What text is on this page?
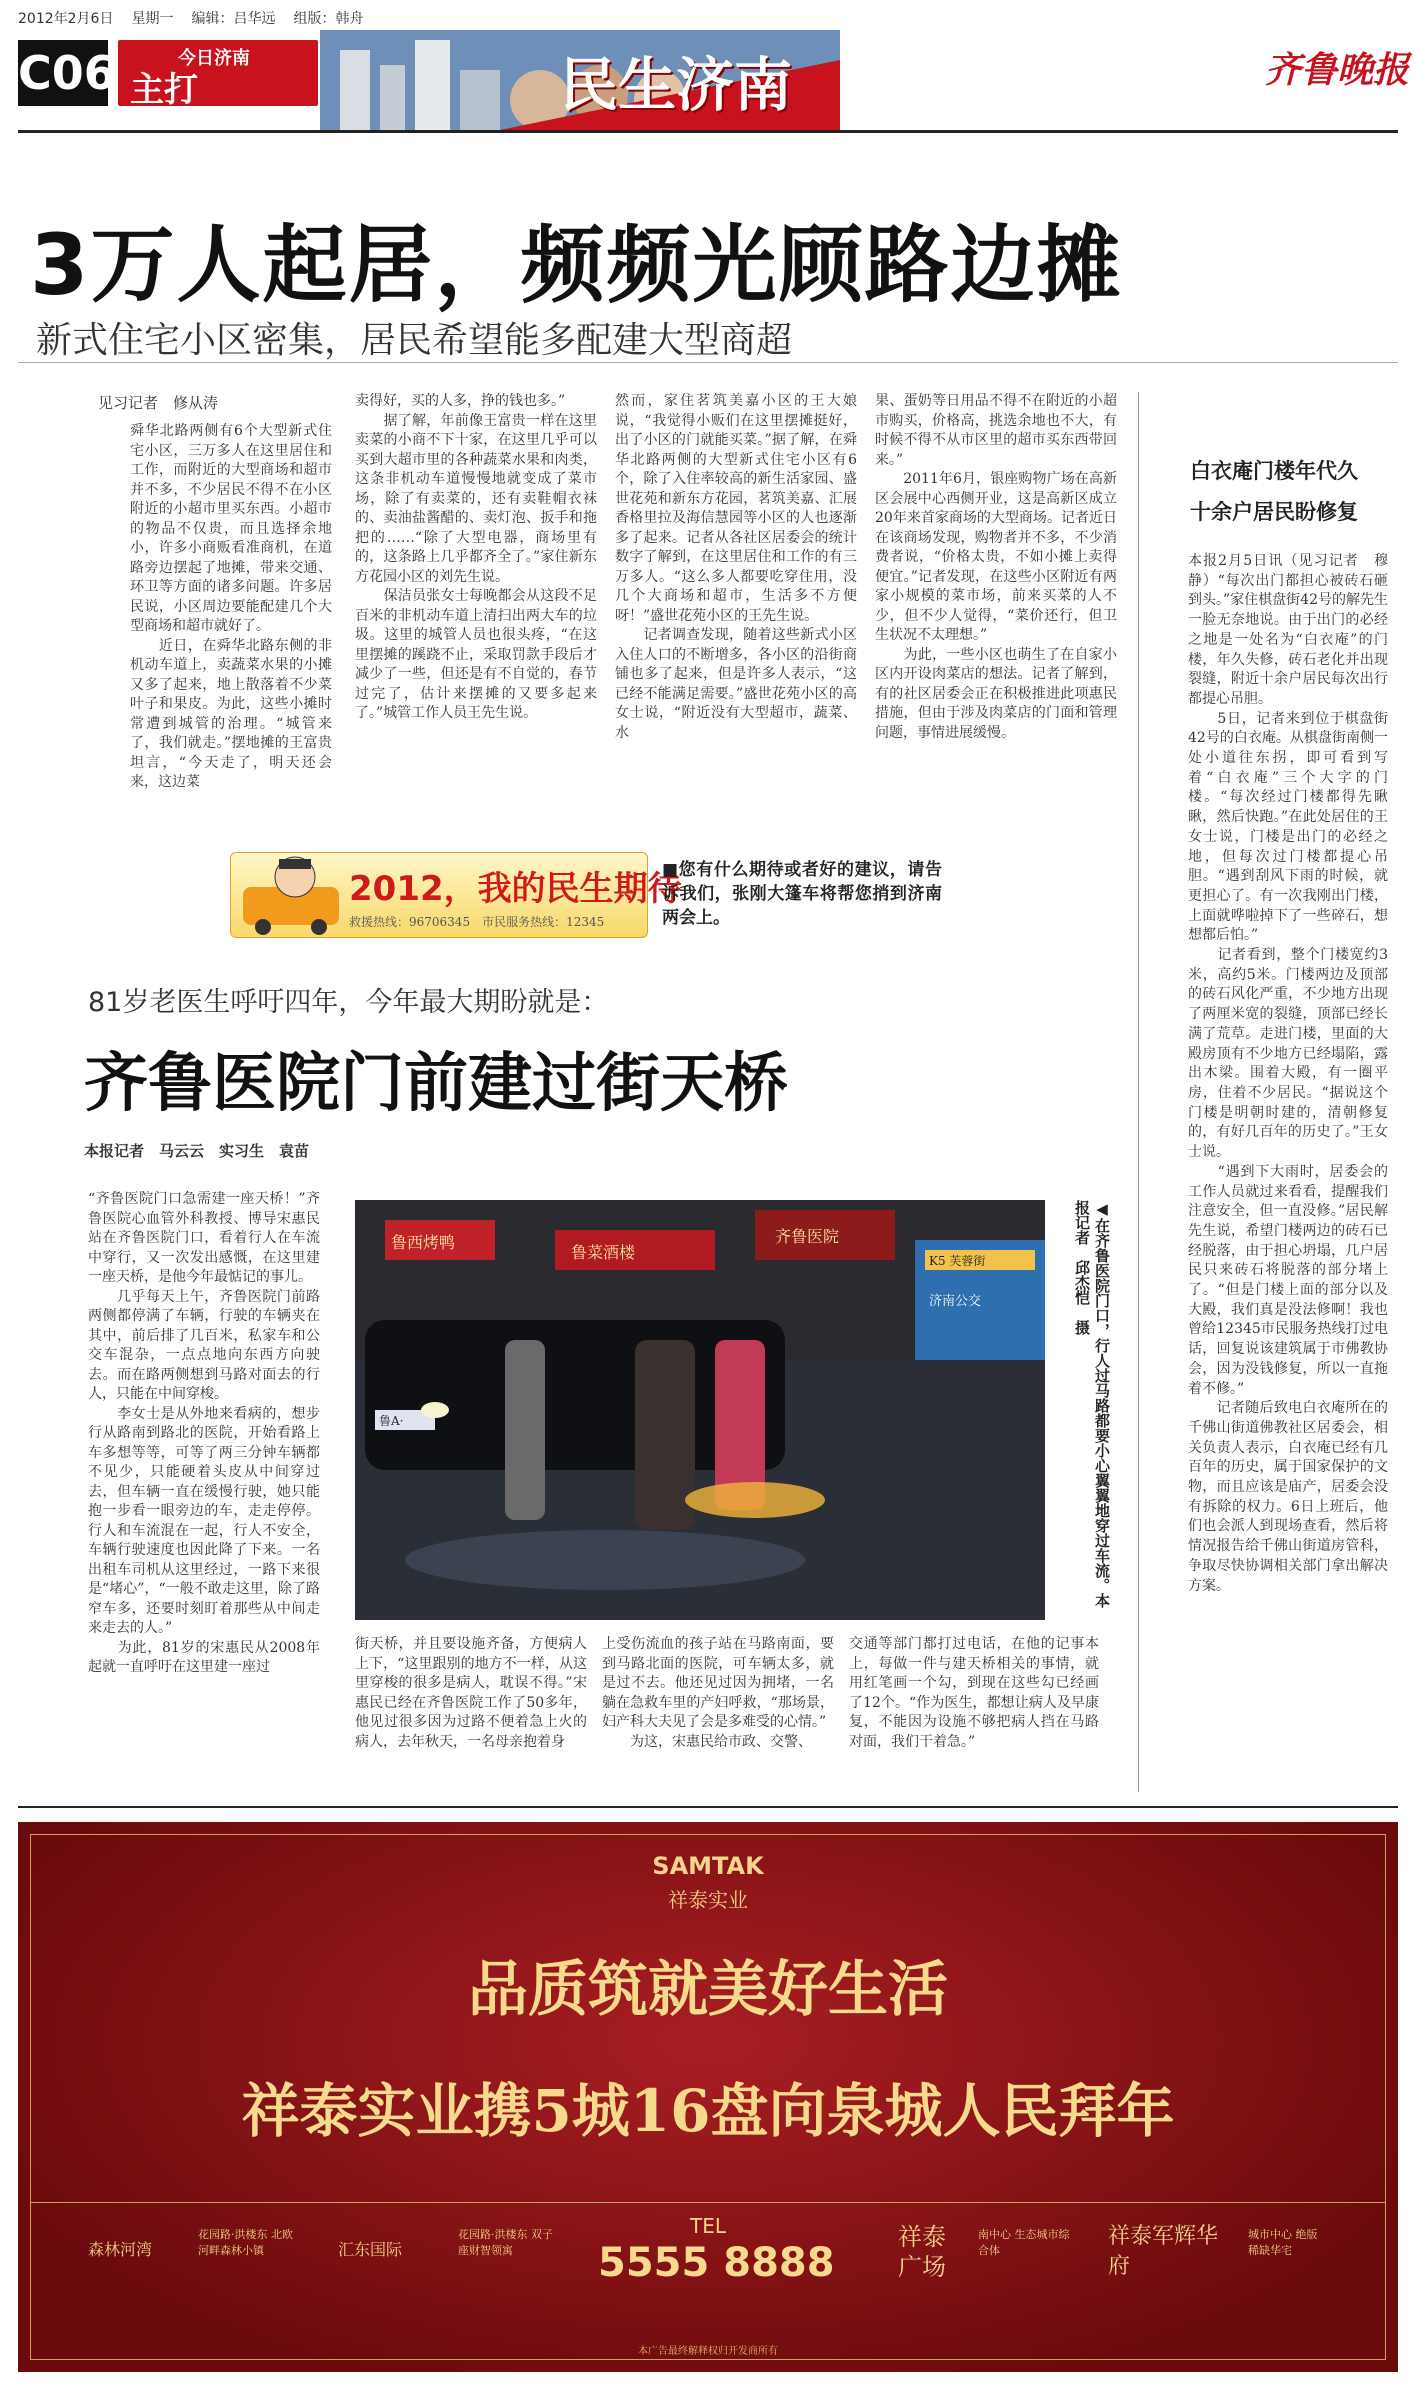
2012年2月6日 星期一 编辑：吕华远 组版：韩舟
C06	今日济南
主打	民生济南	齐鲁晚报
3万人起居，频频光顾路边摊
新式住宅小区密集，居民希望能多配建大型商超
见习记者　修从涛
舜华北路两侧有6个大型新式住宅小区，三万多人在这里居住和工作，而附近的大型商场和超市并不多，不少居民不得不在小区附近的小超市里买东西。小超市的物品不仅贵，而且选择余地小，许多小商贩看准商机，在道路旁边摆起了地摊，带来交通、环卫等方面的诸多问题。许多居民说，小区周边要能配建几个大型商场和超市就好了。
　　近日，在舜华北路东侧的非机动车道上，卖蔬菜水果的小摊又多了起来，地上散落着不少菜叶子和果皮。为此，这些小摊时常遭到城管的治理。“城管来了，我们就走。”摆地摊的王富贵坦言，“今天走了，明天还会来，这边菜
卖得好，买的人多，挣的钱也多。”
　　据了解，年前像王富贵一样在这里卖菜的小商不下十家，在这里几乎可以买到大超市里的各种蔬菜水果和肉类，这条非机动车道慢慢地就变成了菜市场，除了有卖菜的，还有卖鞋帽衣袜的、卖油盐酱醋的、卖灯泡、扳手和拖把的……“除了大型电器，商场里有的，这条路上几乎都齐全了。”家住新东方花园小区的刘先生说。
　　保洁员张女士每晚都会从这段不足百米的非机动车道上清扫出两大车的垃圾。这里的城管人员也很头疼，“在这里摆摊的蹊跷不止，采取罚款手段后才减少了一些，但还是有不自觉的，春节过完了，估计来摆摊的又要多起来了。”城管工作人员王先生说。
然而，家住茗筑美嘉小区的王大娘说，“我觉得小贩们在这里摆摊挺好，出了小区的门就能买菜。”据了解，在舜华北路两侧的大型新式住宅小区有6个，除了入住率较高的新生活家园、盛世花苑和新东方花园，茗筑美嘉、汇展香格里拉及海信慧园等小区的人也逐渐多了起来。记者从各社区居委会的统计数字了解到，在这里居住和工作的有三万多人。“这么多人都要吃穿住用，没几个大商场和超市，生活多不方便呀！”盛世花苑小区的王先生说。
　　记者调查发现，随着这些新式小区入住人口的不断增多，各小区的沿街商铺也多了起来，但是许多人表示，“这已经不能满足需要。”盛世花苑小区的高女士说，“附近没有大型超市，蔬菜、水
果、蛋奶等日用品不得不在附近的小超市购买，价格高，挑选余地也不大，有时候不得不从市区里的超市买东西带回来。”
　　2011年6月，银座购物广场在高新区会展中心西侧开业，这是高新区成立20年来首家商场的大型商场。记者近日在该商场发现，购物者并不多，不少消费者说，“价格太贵，不如小摊上卖得便宜。”记者发现，在这些小区附近有两家小规模的菜市场，前来买菜的人不少，但不少人觉得，“菜价还行，但卫生状况不太理想。”
　　为此，一些小区也萌生了在自家小区内开设肉菜店的想法。记者了解到，有的社区居委会正在积极推进此项惠民措施，但由于涉及肉菜店的门面和管理问题，事情进展缓慢。
2012，我的民生期待
救援热线：96706345　市民服务热线：12345
■您有什么期待或者好的建议，请告诉我们，张刚大篷车将帮您捎到济南两会上。
81岁老医生呼吁四年，今年最大期盼就是：
齐鲁医院门前建过街天桥
本报记者　马云云　实习生　袁苗
“齐鲁医院门口急需建一座天桥！”齐鲁医院心血管外科教授、博导宋惠民站在齐鲁医院门口，看着行人在车流中穿行，又一次发出感慨，在这里建一座天桥，是他今年最惦记的事儿。
　　几乎每天上午，齐鲁医院门前路两侧都停满了车辆，行驶的车辆夹在其中，前后排了几百米，私家车和公交车混杂，一点点地向东西方向驶去。而在路两侧想到马路对面去的行人，只能在中间穿梭。
　　李女士是从外地来看病的，想步行从路南到路北的医院，开始看路上车多想等等，可等了两三分钟车辆都不见少，只能硬着头皮从中间穿过去，但车辆一直在缓慢行驶，她只能抱一步看一眼旁边的车，走走停停。行人和车流混在一起，行人不安全，车辆行驶速度也因此降了下来。一名出租车司机从这里经过，一路下来很是“堵心”，“一般不敢走这里，除了路窄车多，还要时刻盯着那些从中间走来走去的人。”
　　为此，81岁的宋惠民从2008年起就一直呼吁在这里建一座过
鲁西烤鸭
鲁菜酒楼
齐鲁医院
K5 芙蓉街
济南公交
鲁A·	◀在齐鲁医院门口，行人过马路都要小心翼翼地穿过车流。本报记者　邱杰恺　摄
街天桥，并且要设施齐备，方便病人上下，“这里跟别的地方不一样，从这里穿梭的很多是病人，耽误不得。”宋惠民已经在齐鲁医院工作了50多年，他见过很多因为过路不便着急上火的病人，去年秋天，一名母亲抱着身
上受伤流血的孩子站在马路南面，要到马路北面的医院，可车辆太多，就是过不去。他还见过因为拥堵，一名躺在急救车里的产妇呼救，“那场景，妇产科大夫见了会是多难受的心情。”
　　为这，宋惠民给市政、交警、
交通等部门都打过电话，在他的记事本上，每做一件与建天桥相关的事情，就用红笔画一个勾，到现在这些勾已经画了12个。“作为医生，都想让病人及早康复，不能因为设施不够把病人挡在马路对面，我们干着急。”
白衣庵门楼年代久
十余户居民盼修复
本报2月5日讯（见习记者　穆静）“每次出门都担心被砖石砸到头。”家住棋盘街42号的解先生一脸无奈地说。由于出门的必经之地是一处名为“白衣庵”的门楼，年久失修，砖石老化并出现裂缝，附近十余户居民每次出行都提心吊胆。
　　5日，记者来到位于棋盘街42号的白衣庵。从棋盘街南侧一处小道往东拐，即可看到写着“白衣庵”三个大字的门楼。“每次经过门楼都得先瞅瞅，然后快跑。”在此处居住的王女士说，门楼是出门的必经之地，但每次过门楼都提心吊胆。“遇到刮风下雨的时候，就更担心了。有一次我刚出门楼，上面就哗啦掉下了一些碎石，想想都后怕。”
　　记者看到，整个门楼宽约3米，高约5米。门楼两边及顶部的砖石风化严重，不少地方出现了两厘米宽的裂缝，顶部已经长满了荒草。走进门楼，里面的大殿房顶有不少地方已经塌陷，露出木梁。围着大殿，有一圈平房，住着不少居民。“据说这个门楼是明朝时建的，清朝修复的，有好几百年的历史了。”王女士说。
　　“遇到下大雨时，居委会的工作人员就过来看看，提醒我们注意安全，但一直没修。”居民解先生说，希望门楼两边的砖石已经脱落，由于担心坍塌，几户居民只来砖石将脱落的部分堵上了。“但是门楼上面的部分以及大殿，我们真是没法修啊！我也曾给12345市民服务热线打过电话，回复说该建筑属于市佛教协会，因为没钱修复，所以一直拖着不修。”
　　记者随后致电白衣庵所在的千佛山街道佛教社区居委会，相关负责人表示，白衣庵已经有几百年的历史，属于国家保护的文物，而且应该是庙产，居委会没有拆除的权力。6日上班后，他们也会派人到现场查看，然后将情况报告给千佛山街道房管科，争取尽快协调相关部门拿出解决方案。
SAMTAK
祥泰实业
品质筑就美好生活
祥泰实业携5城16盘向泉城人民拜年
森林河湾
花园路·洪楼东 北欧河畔森林小镇	汇东国际
花园路·洪楼东 双子座财智领寓
TEL
5555 8888
祥泰广场
南中心 生态城市综合体
祥泰军辉华府
城市中心 绝版稀缺华宅
本广告最终解释权归开发商所有
